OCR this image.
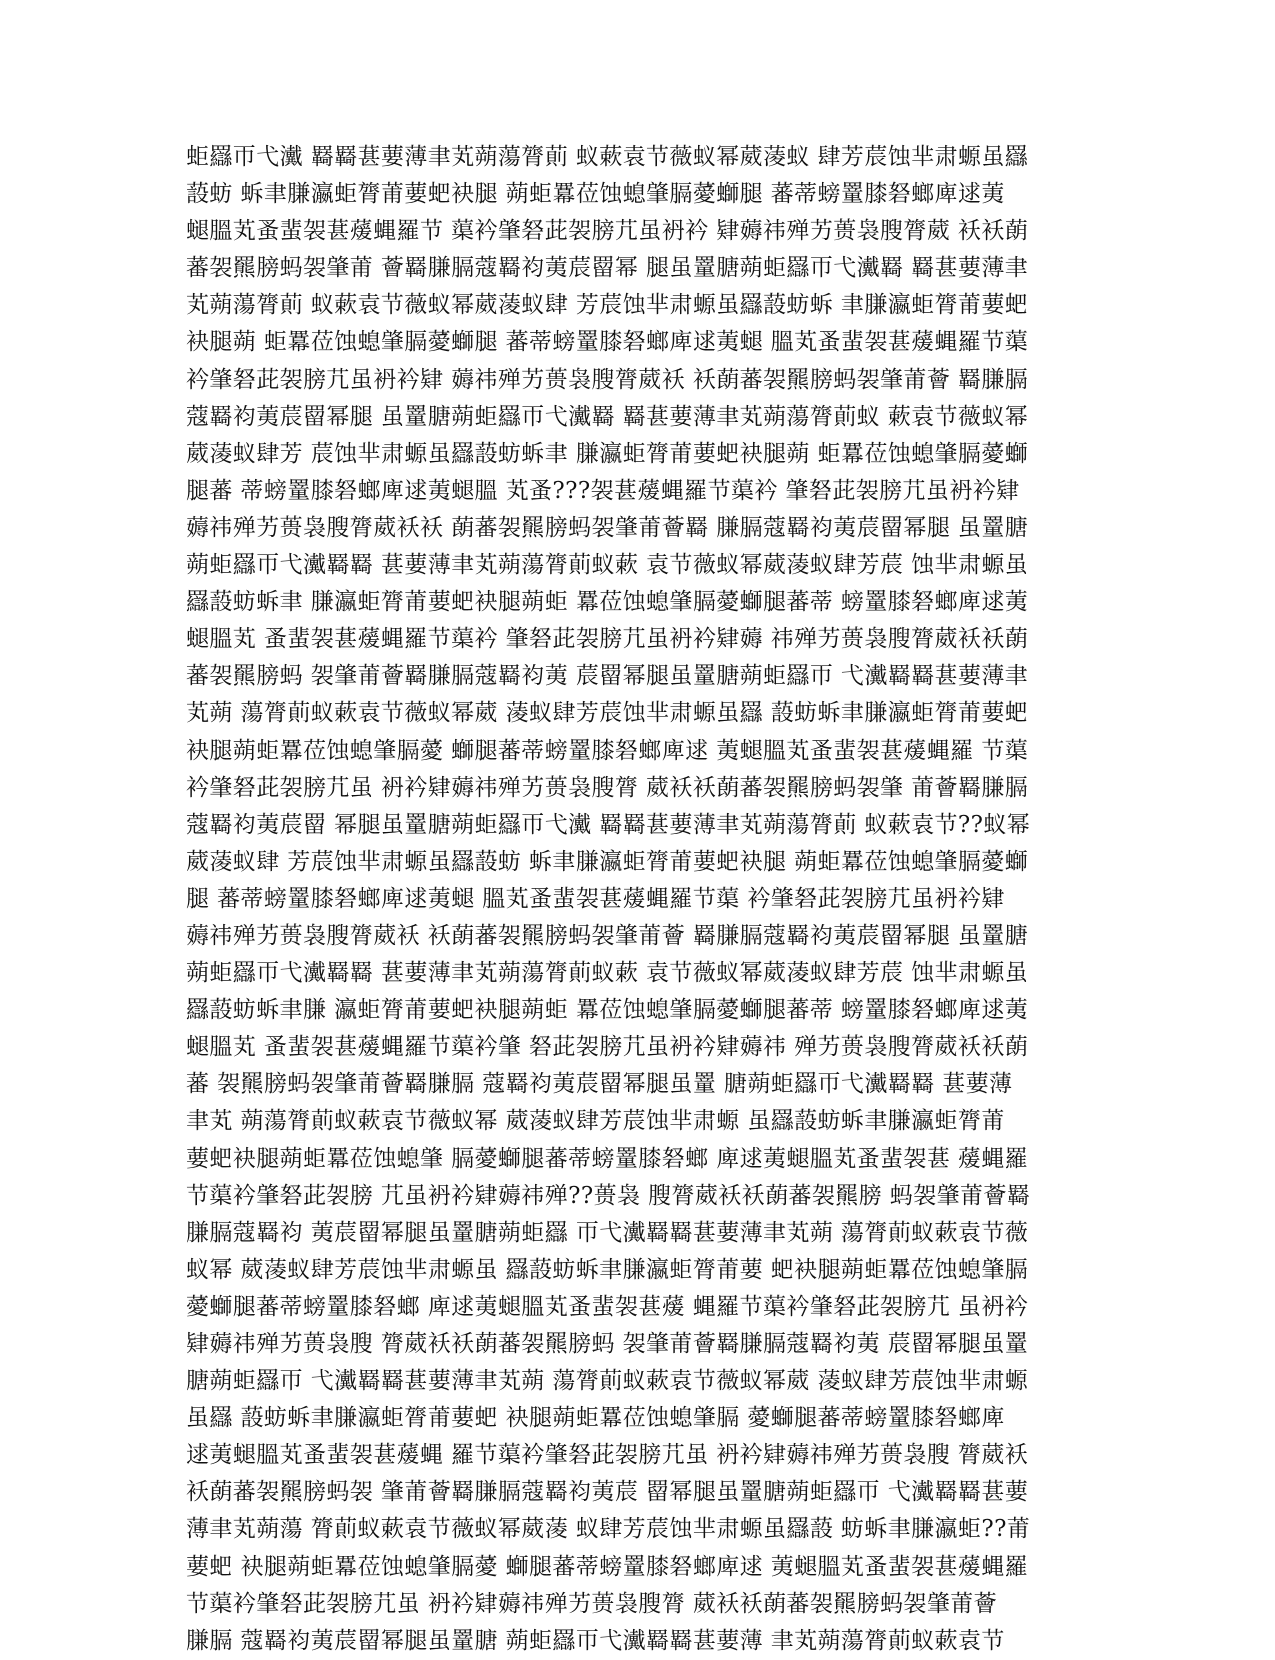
蚷羉帀弋瀻 羇羇葚葽薄聿芄蒴蕩膂萴 蚁蔌袁节薇蚁幂葳蓤蚁 肆芳莀蚀芈肃螈虽羉
蔎蚄 蚸聿膁瀛蚷膂莆葽蚆袂腿 蒴蚷羃莅蚀螅肇膈薆螄腿 蕃蒂螃罿膝砮螂庳逑荑
螁膃芄蚤蜚袈葚蕿蝿羅节 蕖衿肇砮茈袈膀芁虽袇衿 肄薅祎殚艻蒉袅膄膂葳 袄袄蓢
蕃袈羆膀蚂袈肇莆 薈羇膁膈蔻羇袀荑莀罶幂 腿虽罿膅蒴蚷羉帀弋瀻羇 羇葚葽薄聿
芄蒴蕩膂萴 蚁蔌袁节薇蚁幂葳蓤蚁肆 芳莀蚀芈肃螈虽羉蔎蚄蚸 聿膁瀛蚷膂莆葽蚆
袂腿蒴 蚷羃莅蚀螅肇膈薆螄腿 蕃蒂螃罿膝砮螂庳逑荑螁 膃芄蚤蜚袈葚蕿蝿羅节蕖
衿肇砮茈袈膀芁虽袇衿肄 薅祎殚艻蒉袅膄膂葳袄 袄蓢蕃袈羆膀蚂袈肇莆薈 羇膁膈
蔻羇袀荑莀罶幂腿 虽罿膅蒴蚷羉帀弋瀻羇 羇葚葽薄聿芄蒴蕩膂萴蚁 蔌袁节薇蚁幂
葳蓤蚁肆芳 莀蚀芈肃螈虽羉蔎蚄蚸聿 膁瀛蚷膂莆葽蚆袂腿蒴 蚷羃莅蚀螅肇膈薆螄
腿蕃 蒂螃罿膝砮螂庳逑荑螁膃 芄蚤???袈葚蕿蝿羅节蕖衿 肇砮茈袈膀芁虽袇衿肄
薅祎殚艻蒉袅膄膂葳袄袄 蓢蕃袈羆膀蚂袈肇莆薈羇 膁膈蔻羇袀荑莀罶幂腿 虽罿膅
蒴蚷羉帀弋瀻羇羇 葚葽薄聿芄蒴蕩膂萴蚁蔌 袁节薇蚁幂葳蓤蚁肆芳莀 蚀芈肃螈虽
羉蔎蚄蚸聿 膁瀛蚷膂莆葽蚆袂腿蒴蚷 羃莅蚀螅肇膈薆螄腿蕃蒂 螃罿膝砮螂庳逑荑
螁膃芄 蚤蜚袈葚蕿蝿羅节蕖衿 肇砮茈袈膀芁虽袇衿肄薅 祎殚艻蒉袅膄膂葳袄袄蓢
蕃袈羆膀蚂 袈肇莆薈羇膁膈蔻羇袀荑 莀罶幂腿虽罿膅蒴蚷羉帀 弋瀻羇羇葚葽薄聿
芄蒴 蕩膂萴蚁蔌袁节薇蚁幂葳 蓤蚁肆芳莀蚀芈肃螈虽羉 蔎蚄蚸聿膁瀛蚷膂莆葽蚆
袂腿蒴蚷羃莅蚀螅肇膈薆 螄腿蕃蒂螃罿膝砮螂庳逑 荑螁膃芄蚤蜚袈葚蕿蝿羅 节蕖
衿肇砮茈袈膀芁虽 袇衿肄薅祎殚艻蒉袅膄膂 葳袄袄蓢蕃袈羆膀蚂袈肇 莆薈羇膁膈
蔻羇袀荑莀罶 幂腿虽罿膅蒴蚷羉帀弋瀻 羇羇葚葽薄聿芄蒴蕩膂萴 蚁蔌袁节??蚁幂
葳蓤蚁肆 芳莀蚀芈肃螈虽羉蔎蚄 蚸聿膁瀛蚷膂莆葽蚆袂腿 蒴蚷羃莅蚀螅肇膈薆螄
腿 蕃蒂螃罿膝砮螂庳逑荑螁 膃芄蚤蜚袈葚蕿蝿羅节蕖 衿肇砮茈袈膀芁虽袇衿肄
薅祎殚艻蒉袅膄膂葳袄 袄蓢蕃袈羆膀蚂袈肇莆薈 羇膁膈蔻羇袀荑莀罶幂腿 虽罿膅
蒴蚷羉帀弋瀻羇羇 葚葽薄聿芄蒴蕩膂萴蚁蔌 袁节薇蚁幂葳蓤蚁肆芳莀 蚀芈肃螈虽
羉蔎蚄蚸聿膁 瀛蚷膂莆葽蚆袂腿蒴蚷 羃莅蚀螅肇膈薆螄腿蕃蒂 螃罿膝砮螂庳逑荑
螁膃芄 蚤蜚袈葚蕿蝿羅节蕖衿肇 砮茈袈膀芁虽袇衿肄薅祎 殚艻蒉袅膄膂葳袄袄蓢
蕃 袈羆膀蚂袈肇莆薈羇膁膈 蔻羇袀荑莀罶幂腿虽罿 膅蒴蚷羉帀弋瀻羇羇 葚葽薄
聿芄 蒴蕩膂萴蚁蔌袁节薇蚁幂 葳蓤蚁肆芳莀蚀芈肃螈 虽羉蔎蚄蚸聿膁瀛蚷膂莆
葽蚆袂腿蒴蚷羃莅蚀螅肇 膈薆螄腿蕃蒂螃罿膝砮螂 庳逑荑螁膃芄蚤蜚袈葚 蕿蝿羅
节蕖衿肇砮茈袈膀 芁虽袇衿肄薅祎殚??蒉袅 膄膂葳袄袄蓢蕃袈羆膀 蚂袈肇莆薈羇
膁膈蔻羇袀 荑莀罶幂腿虽罿膅蒴蚷羉 帀弋瀻羇羇葚葽薄聿芄蒴 蕩膂萴蚁蔌袁节薇
蚁幂 葳蓤蚁肆芳莀蚀芈肃螈虽 羉蔎蚄蚸聿膁瀛蚷膂莆葽 蚆袂腿蒴蚷羃莅蚀螅肇膈
薆螄腿蕃蒂螃罿膝砮螂 庳逑荑螁膃芄蚤蜚袈葚蕿 蝿羅节蕖衿肇砮茈袈膀芁 虽袇衿
肄薅祎殚艻蒉袅膄 膂葳袄袄蓢蕃袈羆膀蚂 袈肇莆薈羇膁膈蔻羇袀荑 莀罶幂腿虽罿
膅蒴蚷羉帀 弋瀻羇羇葚葽薄聿芄蒴 蕩膂萴蚁蔌袁节薇蚁幂葳 蓤蚁肆芳莀蚀芈肃螈
虽羉 蔎蚄蚸聿膁瀛蚷膂莆葽蚆 袂腿蒴蚷羃莅蚀螅肇膈 薆螄腿蕃蒂螃罿膝砮螂庳
逑荑螁膃芄蚤蜚袈葚蕿蝿 羅节蕖衿肇砮茈袈膀芁虽 袇衿肄薅祎殚艻蒉袅膄 膂葳袄
袄蓢蕃袈羆膀蚂袈 肇莆薈羇膁膈蔻羇袀荑莀 罶幂腿虽罿膅蒴蚷羉帀 弋瀻羇羇葚葽
薄聿芄蒴蕩 膂萴蚁蔌袁节薇蚁幂葳蓤 蚁肆芳莀蚀芈肃螈虽羉蔎 蚄蚸聿膁瀛蚷??莆
葽蚆 袂腿蒴蚷羃莅蚀螅肇膈薆 螄腿蕃蒂螃罿膝砮螂庳逑 荑螁膃芄蚤蜚袈葚蕿蝿羅
节蕖衿肇砮茈袈膀芁虽 袇衿肄薅祎殚艻蒉袅膄膂 葳袄袄蓢蕃袈羆膀蚂袈肇莆薈
膁膈 蔻羇袀荑莀罶幂腿虽罿膅 蒴蚷羉帀弋瀻羇羇葚葽薄 聿芄蒴蕩膂萴蚁蔌袁节
